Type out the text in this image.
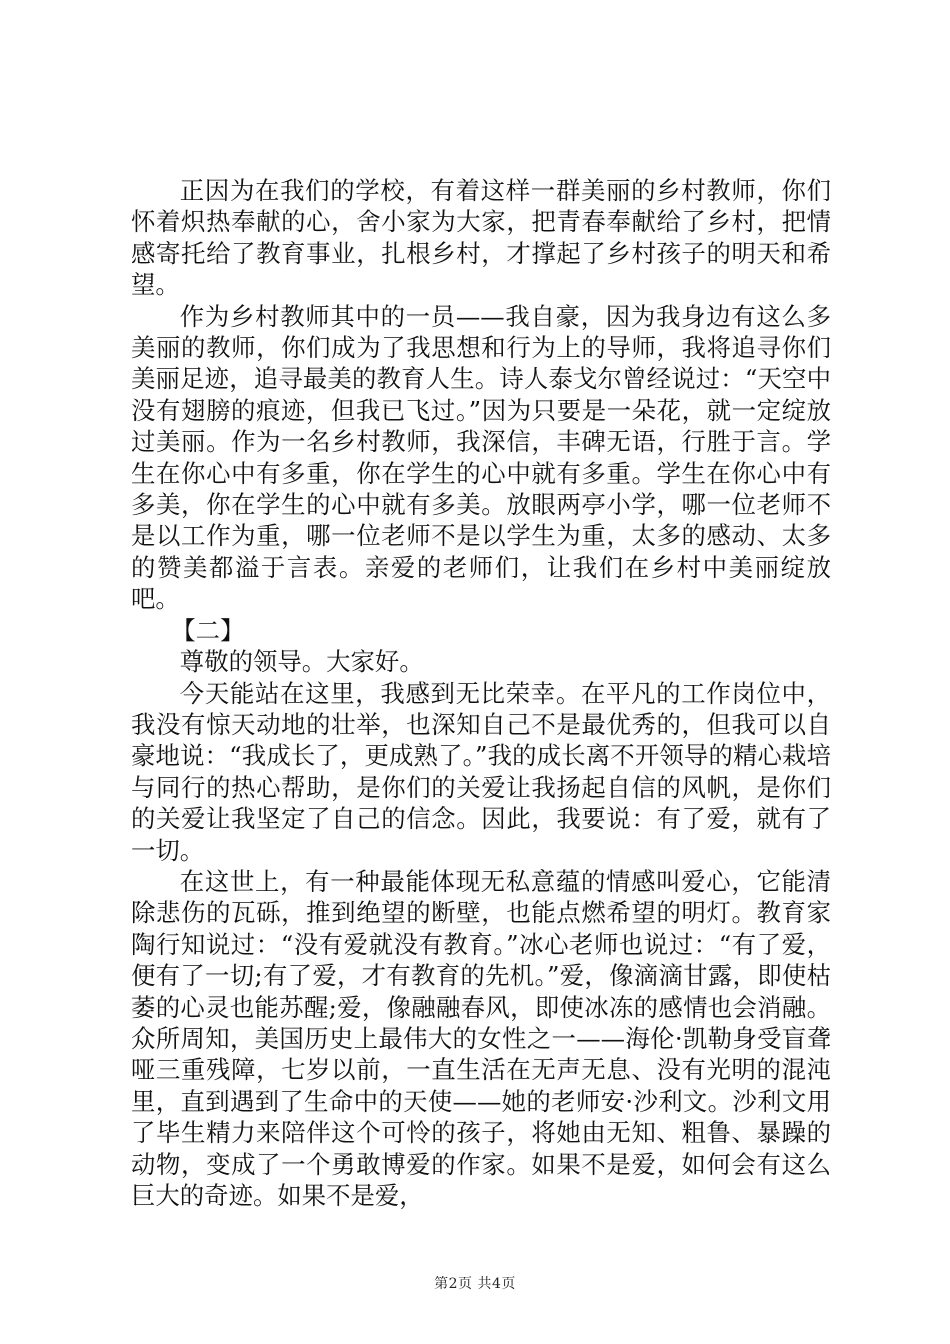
正因为在我们的学校，有着这样一群美丽的乡村教师，你们怀着炽热奉献的心，舍小家为大家，把青春奉献给了乡村，把情感寄托给了教育事业，扎根乡村，才撑起了乡村孩子的明天和希望。

作为乡村教师其中的一员——我自豪，因为我身边有这么多美丽的教师，你们成为了我思想和行为上的导师，我将追寻你们美丽足迹，追寻最美的教育人生。诗人泰戈尔曾经说过：“天空中没有翅膀的痕迹，但我已飞过。”因为只要是一朵花，就一定绽放过美丽。作为一名乡村教师，我深信，丰碑无语，行胜于言。学生在你心中有多重，你在学生的心中就有多重。学生在你心中有多美，你在学生的心中就有多美。放眼两亭小学，哪一位老师不是以工作为重，哪一位老师不是以学生为重，太多的感动、太多的赞美都溢于言表。亲爱的老师们，让我们在乡村中美丽绽放吧。

【二】

尊敬的领导。大家好。

今天能站在这里，我感到无比荣幸。在平凡的工作岗位中，我没有惊天动地的壮举，也深知自己不是最优秀的，但我可以自豪地说：“我成长了，更成熟了。”我的成长离不开领导的精心栽培与同行的热心帮助，是你们的关爱让我扬起自信的风帆，是你们的关爱让我坚定了自己的信念。因此，我要说：有了爱，就有了一切。

在这世上，有一种最能体现无私意蕴的情感叫爱心，它能清除悲伤的瓦砾，推到绝望的断壁，也能点燃希望的明灯。教育家陶行知说过：“没有爱就没有教育。”冰心老师也说过：“有了爱，便有了一切;有了爱，才有教育的先机。”爱，像滴滴甘露，即使枯萎的心灵也能苏醒;爱，像融融春风，即使冰冻的感情也会消融。众所周知，美国历史上最伟大的女性之一——海伦·凯勒身受盲聋哑三重残障，七岁以前，一直生活在无声无息、没有光明的混沌里，直到遇到了生命中的天使——她的老师安·沙利文。沙利文用了毕生精力来陪伴这个可怜的孩子，将她由无知、粗鲁、暴躁的动物，变成了一个勇敢博爱的作家。如果不是爱，如何会有这么巨大的奇迹。如果不是爱，

第2页 共4页
